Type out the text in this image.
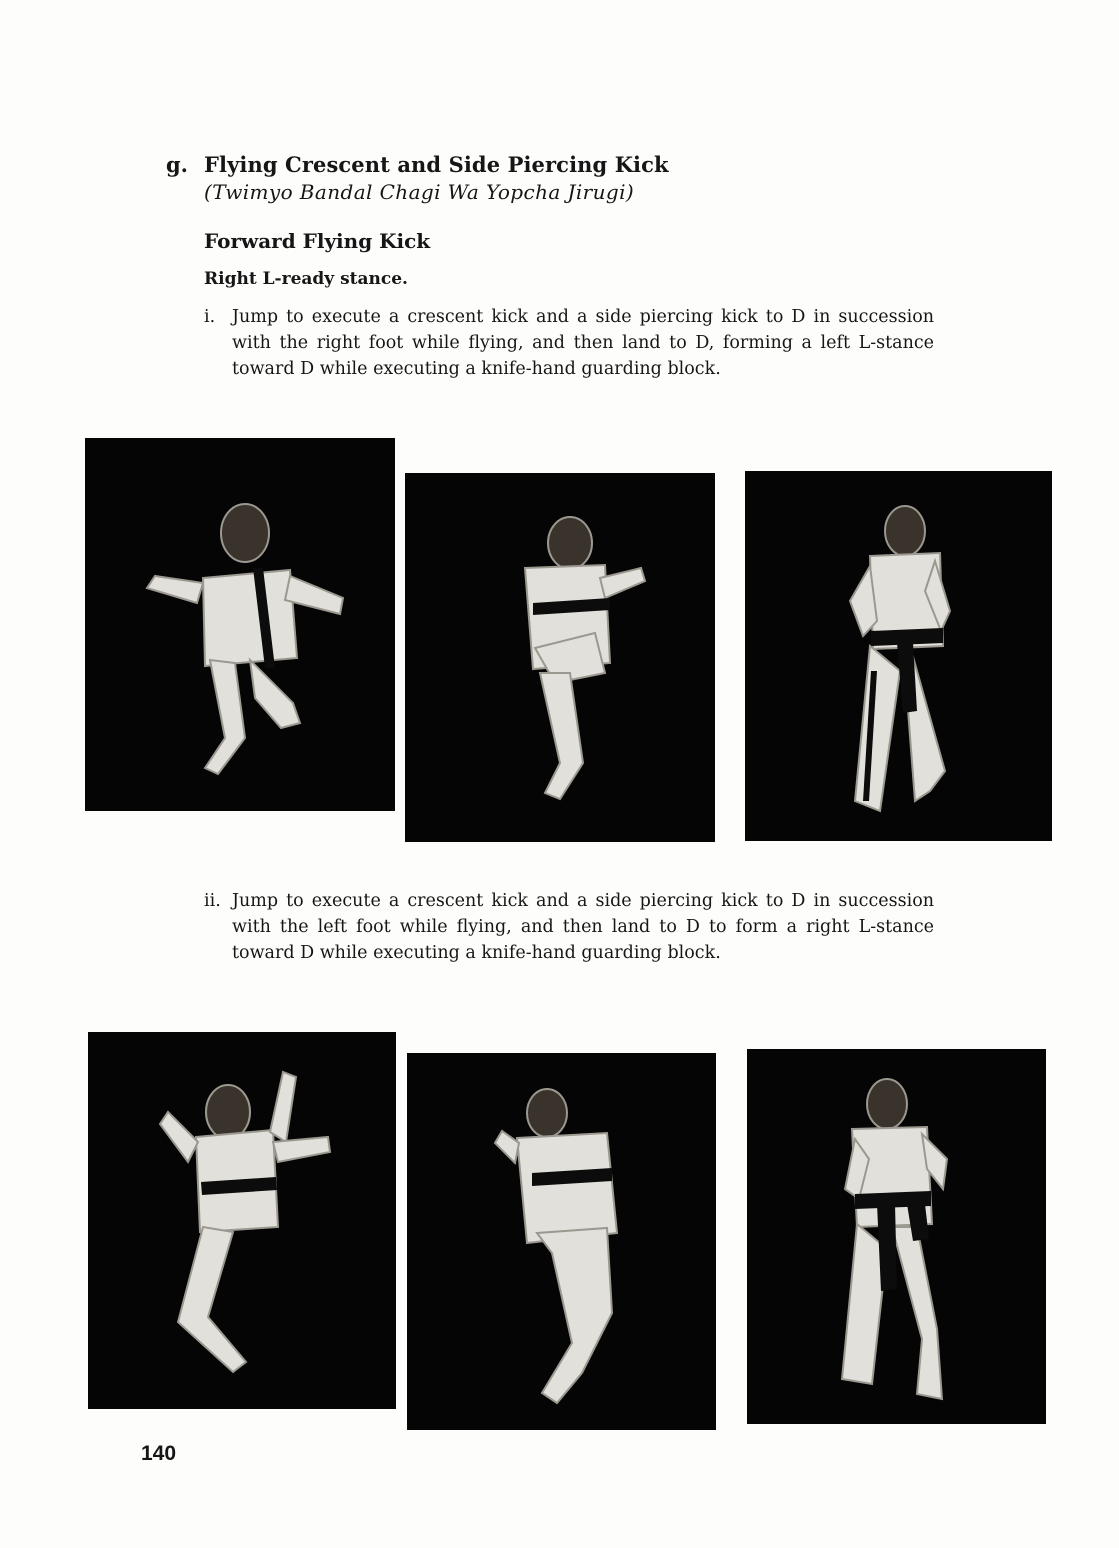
g. Flying Crescent and Side Piercing Kick
(Twimyo Bandal Chagi Wa Yopcha Jirugi)
Forward Flying Kick
Right L-ready stance.
i. Jump to execute a crescent kick and a side piercing kick to D in succession with the right foot while flying, and then land to D, forming a left L-stance toward D while executing a knife-hand guarding block.
ii. Jump to execute a crescent kick and a side piercing kick to D in succession with the left foot while flying, and then land to D to form a right L-stance toward D while executing a knife-hand guarding block.
140
